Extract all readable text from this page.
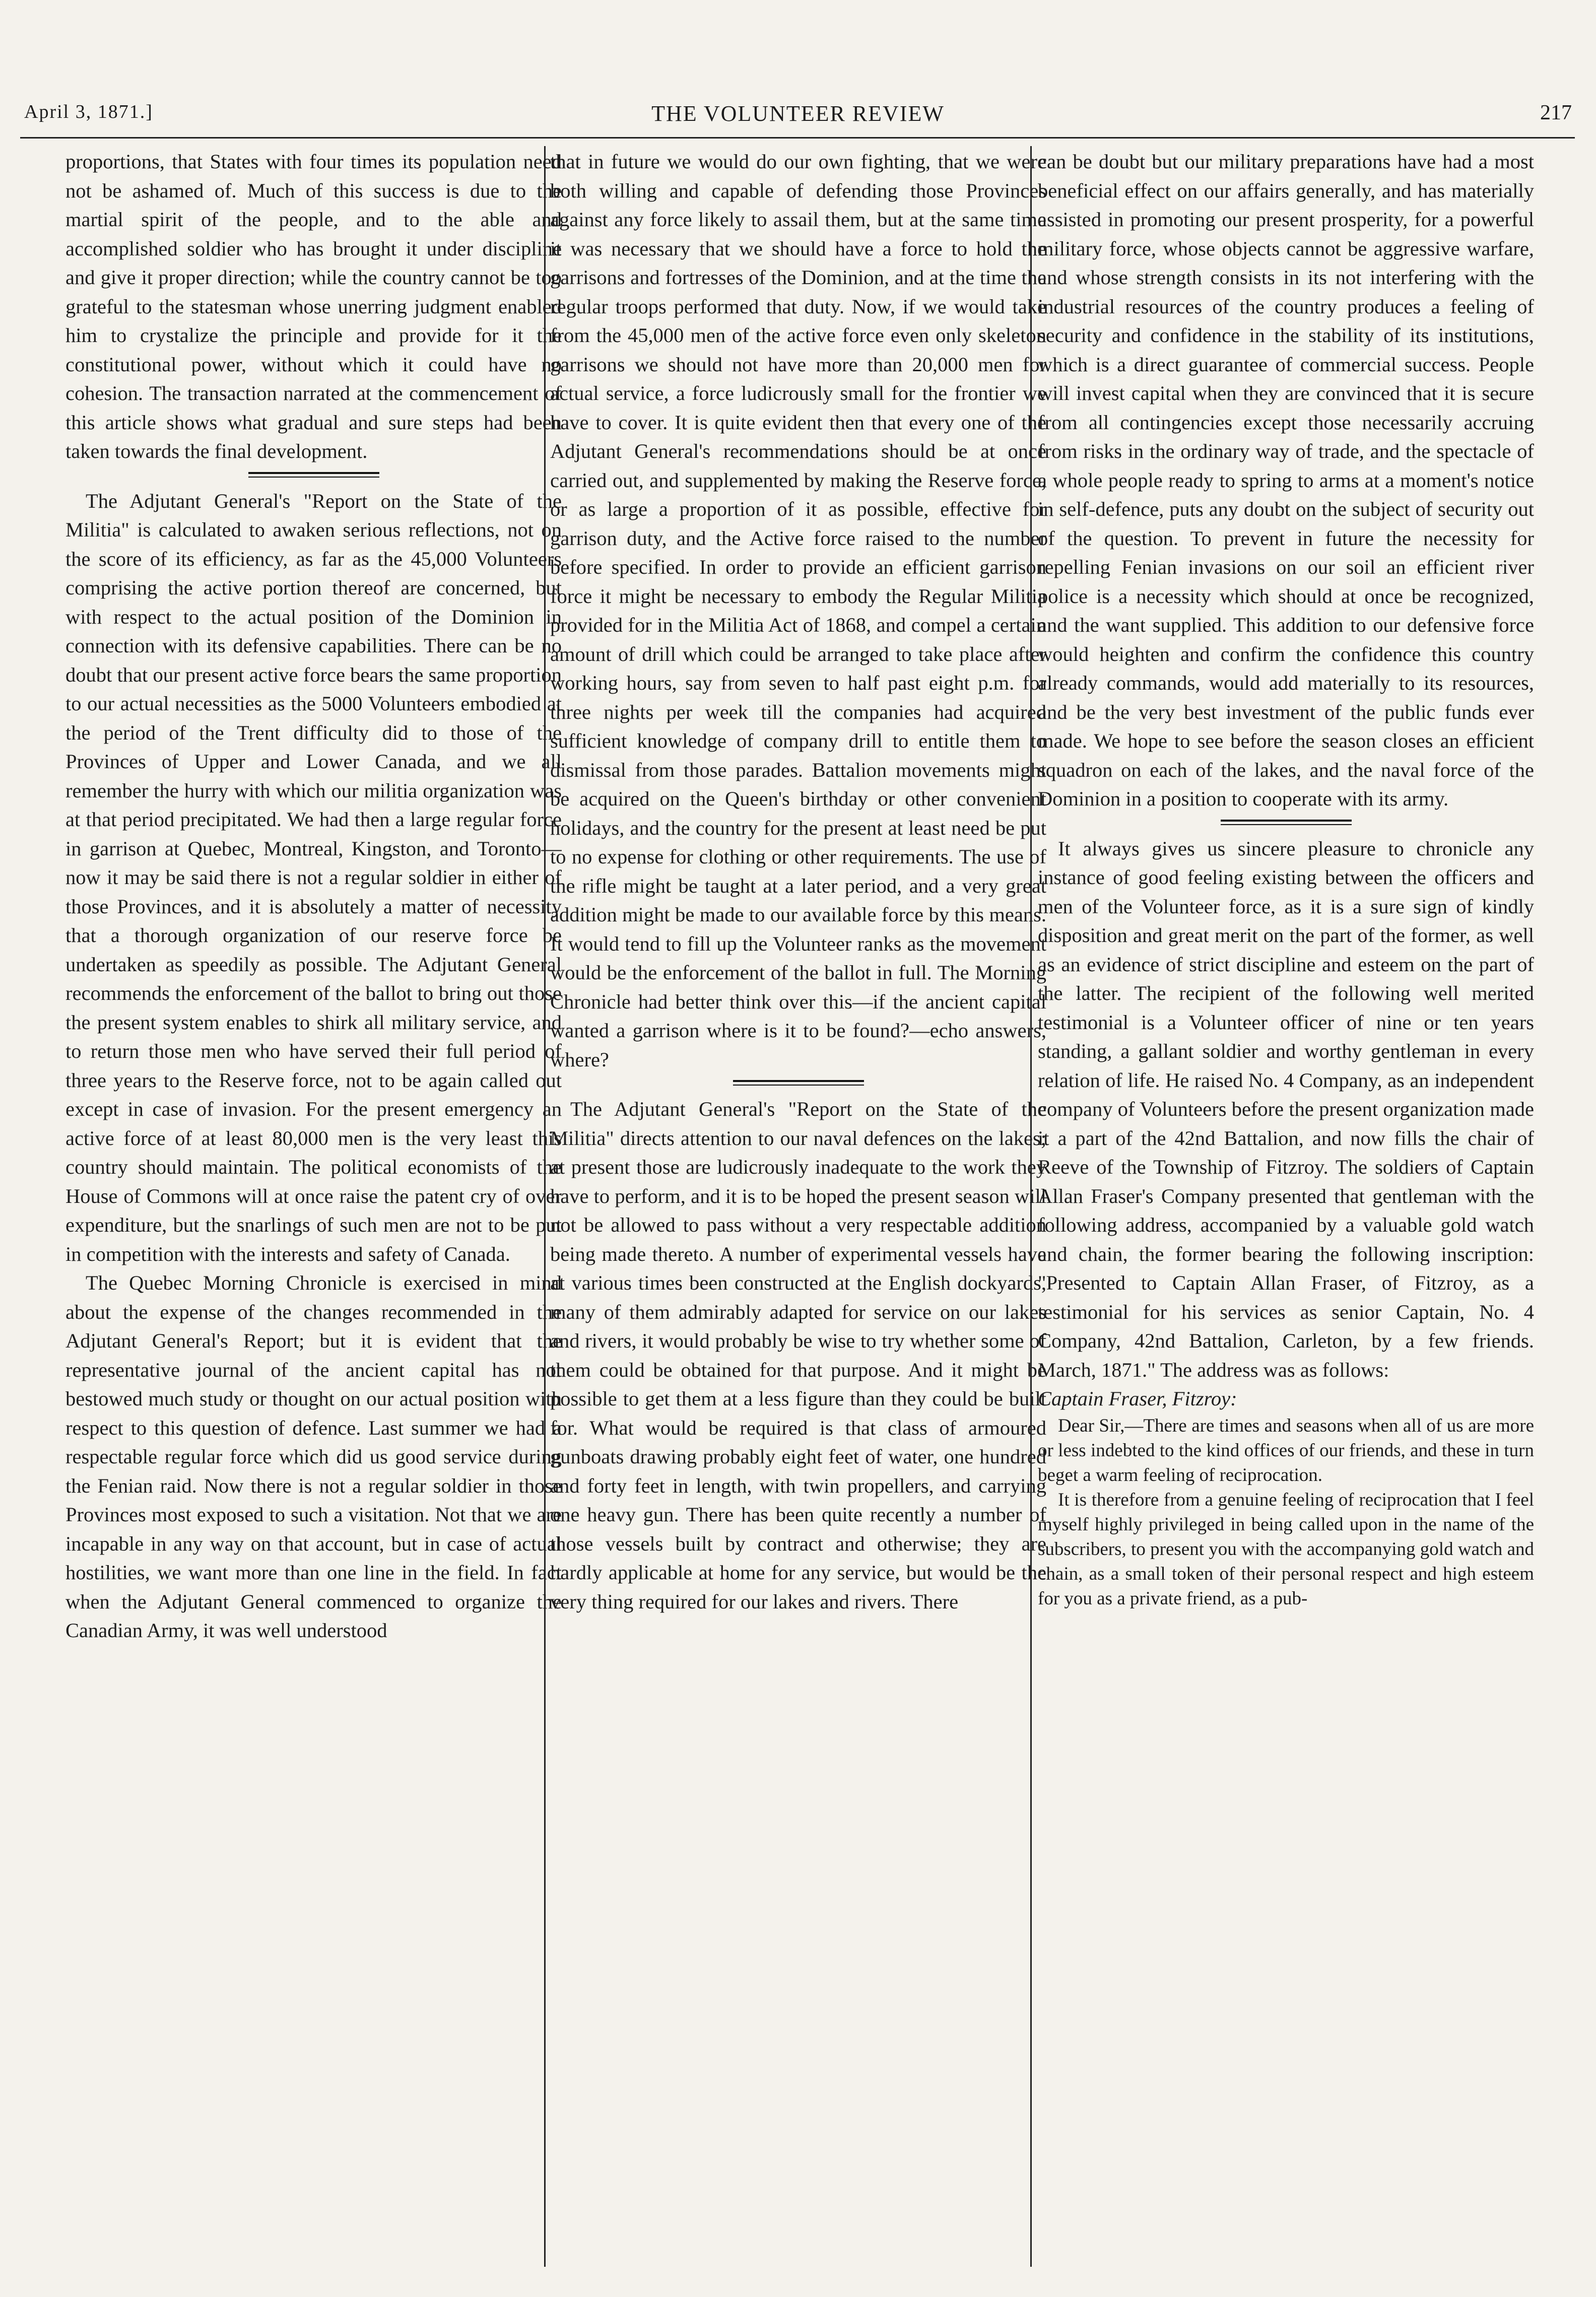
April 3, 1871.]	THE VOLUNTEER REVIEW	217

proportions, that States with four times its population need not be ashamed of. Much of this success is due to the martial spirit of the people, and to the able and accomplished soldier who has brought it under discipline and give it proper direction; while the country cannot be too grateful to the statesman whose unerring judgment enabled him to crystalize the principle and provide for it the constitutional power, without which it could have no cohesion. The transaction narrated at the commencement of this article shows what gradual and sure steps had been taken towards the final development.

The Adjutant General's "Report on the State of the Militia" is calculated to awaken serious reflections, not on the score of its efficiency, as far as the 45,000 Volunteers comprising the active portion thereof are concerned, but with respect to the actual position of the Dominion in connection with its defensive capabilities. There can be no doubt that our present active force bears the same proportion to our actual necessities as the 5000 Volunteers embodied at the period of the Trent difficulty did to those of the Provinces of Upper and Lower Canada, and we all remember the hurry with which our militia organization was at that period precipitated. We had then a large regular force in garrison at Quebec, Montreal, Kingston, and Toronto—now it may be said there is not a regular soldier in either of those Provinces, and it is absolutely a matter of necessity that a thorough organization of our reserve force be undertaken as speedily as possible. The Adjutant General recommends the enforcement of the ballot to bring out those the present system enables to shirk all military service, and to return those men who have served their full period of three years to the Reserve force, not to be again called out except in case of invasion. For the present emergency an active force of at least 80,000 men is the very least this country should maintain. The political economists of the House of Commons will at once raise the patent cry of over expenditure, but the snarlings of such men are not to be put in competition with the interests and safety of Canada.

The Quebec Morning Chronicle is exercised in mind about the expense of the changes recommended in the Adjutant General's Report; but it is evident that the representative journal of the ancient capital has not bestowed much study or thought on our actual position with respect to this question of defence. Last summer we had a respectable regular force which did us good service during the Fenian raid. Now there is not a regular soldier in those Provinces most exposed to such a visitation. Not that we are incapable in any way on that account, but in case of actual hostilities, we want more than one line in the field. In fact when the Adjutant General commenced to organize the Canadian Army, it was well understood

that in future we would do our own fighting, that we were both willing and capable of defending those Provinces against any force likely to assail them, but at the same time it was necessary that we should have a force to hold the garrisons and fortresses of the Dominion, and at the time the regular troops performed that duty. Now, if we would take from the 45,000 men of the active force even only skeleton garrisons we should not have more than 20,000 men for actual service, a force ludicrously small for the frontier we have to cover. It is quite evident then that every one of the Adjutant General's recommendations should be at once carried out, and supplemented by making the Reserve force, or as large a proportion of it as possible, effective for garrison duty, and the Active force raised to the number before specified. In order to provide an efficient garrison force it might be necessary to embody the Regular Militia provided for in the Militia Act of 1868, and compel a certain amount of drill which could be arranged to take place after working hours, say from seven to half past eight p.m. for three nights per week till the companies had acquired sufficient knowledge of company drill to entitle them to dismissal from those parades. Battalion movements might be acquired on the Queen's birthday or other convenient holidays, and the country for the present at least need be put to no expense for clothing or other requirements. The use of the rifle might be taught at a later period, and a very great addition might be made to our available force by this means. It would tend to fill up the Volunteer ranks as the movement would be the enforcement of the ballot in full. The Morning Chronicle had better think over this—if the ancient capital wanted a garrison where is it to be found?—echo answers, where?

The Adjutant General's "Report on the State of the Militia" directs attention to our naval defences on the lakes; at present those are ludicrously inadequate to the work they have to perform, and it is to be hoped the present season will not be allowed to pass without a very respectable addition being made thereto. A number of experimental vessels have at various times been constructed at the English dockyards, many of them admirably adapted for service on our lakes and rivers, it would probably be wise to try whether some of them could be obtained for that purpose. And it might be possible to get them at a less figure than they could be built for. What would be required is that class of armoured gunboats drawing probably eight feet of water, one hundred and forty feet in length, with twin propellers, and carrying one heavy gun. There has been quite recently a number of those vessels built by contract and otherwise; they are hardly applicable at home for any service, but would be the very thing required for our lakes and rivers. There

can be doubt but our military preparations have had a most beneficial effect on our affairs generally, and has materially assisted in promoting our present prosperity, for a powerful military force, whose objects cannot be aggressive warfare, and whose strength consists in its not interfering with the industrial resources of the country produces a feeling of security and confidence in the stability of its institutions, which is a direct guarantee of commercial success. People will invest capital when they are convinced that it is secure from all contingencies except those necessarily accruing from risks in the ordinary way of trade, and the spectacle of a whole people ready to spring to arms at a moment's notice in self-defence, puts any doubt on the subject of security out of the question. To prevent in future the necessity for repelling Fenian invasions on our soil an efficient river police is a necessity which should at once be recognized, and the want supplied. This addition to our defensive force would heighten and confirm the confidence this country already commands, would add materially to its resources, and be the very best investment of the public funds ever made. We hope to see before the season closes an efficient squadron on each of the lakes, and the naval force of the Dominion in a position to cooperate with its army.

It always gives us sincere pleasure to chronicle any instance of good feeling existing between the officers and men of the Volunteer force, as it is a sure sign of kindly disposition and great merit on the part of the former, as well as an evidence of strict discipline and esteem on the part of the latter. The recipient of the following well merited testimonial is a Volunteer officer of nine or ten years standing, a gallant soldier and worthy gentleman in every relation of life. He raised No. 4 Company, as an independent company of Volunteers before the present organization made it a part of the 42nd Battalion, and now fills the chair of Reeve of the Township of Fitzroy. The soldiers of Captain Allan Fraser's Company presented that gentleman with the following address, accompanied by a valuable gold watch and chain, the former bearing the following inscription: "Presented to Captain Allan Fraser, of Fitzroy, as a testimonial for his services as senior Captain, No. 4 Company, 42nd Battalion, Carleton, by a few friends. March, 1871." The address was as follows:

Captain Fraser, Fitzroy:

Dear Sir,—There are times and seasons when all of us are more or less indebted to the kind offices of our friends, and these in turn beget a warm feeling of reciprocation.

It is therefore from a genuine feeling of reciprocation that I feel myself highly privileged in being called upon in the name of the subscribers, to present you with the accompanying gold watch and chain, as a small token of their personal respect and high esteem for you as a private friend, as a pub-
